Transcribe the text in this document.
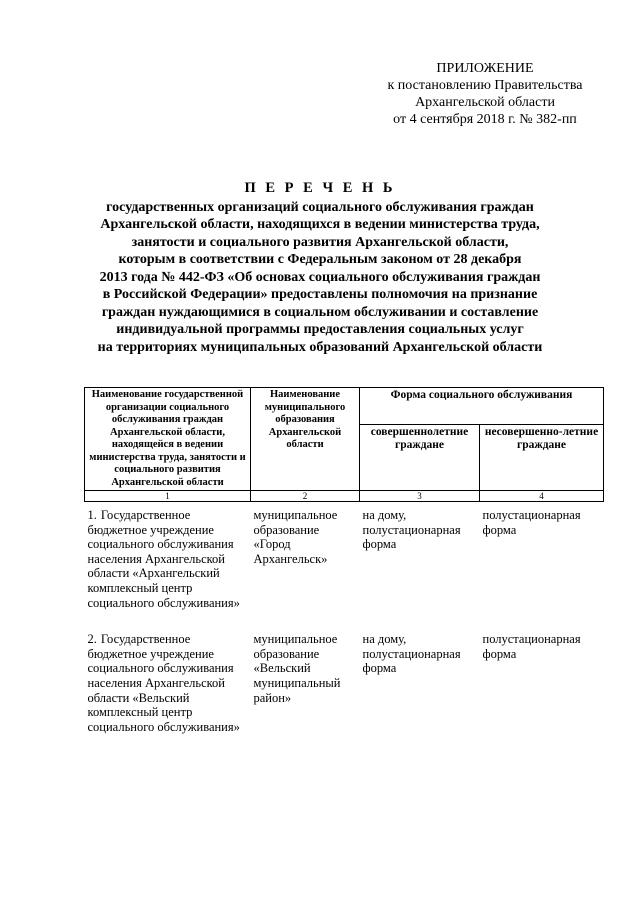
ПРИЛОЖЕНИЕ
к постановлению Правительства
Архангельской области
от 4 сентября 2018 г. № 382-пп
П Е Р Е Ч Е Н Ь
государственных организаций социального обслуживания граждан
Архангельской области, находящихся в ведении министерства труда,
занятости и социального развития Архангельской области,
которым в соответствии с Федеральным законом от 28 декабря
2013 года № 442-ФЗ «Об основах социального обслуживания граждан
в Российской Федерации» предоставлены полномочия на признание
граждан нуждающимися в социальном обслуживании и составление
индивидуальной программы предоставления социальных услуг
на территориях муниципальных образований Архангельской области
Наименование государственной организации социального обслуживания граждан Архангельской области, находящейся в ведении министерства труда, занятости и социального развития Архангельской области	Наименование муниципального образования Архангельской области	Форма социального обслуживания	
		совершеннолетние граждане	несовершенно-летние граждане
1	2	3	4
1. Государственное бюджетное учреждение социального обслуживания населения Архангельской области «Архангельский комплексный центр социального обслуживания»	муниципальное образование «Город Архангельск»	на дому, полустационарная форма	полустационарная форма
2. Государственное бюджетное учреждение социального обслуживания населения Архангельской области «Вельский комплексный центр социального обслуживания»	муниципальное образование «Вельский муниципальный район»	на дому, полустационарная форма	полустационарная форма
